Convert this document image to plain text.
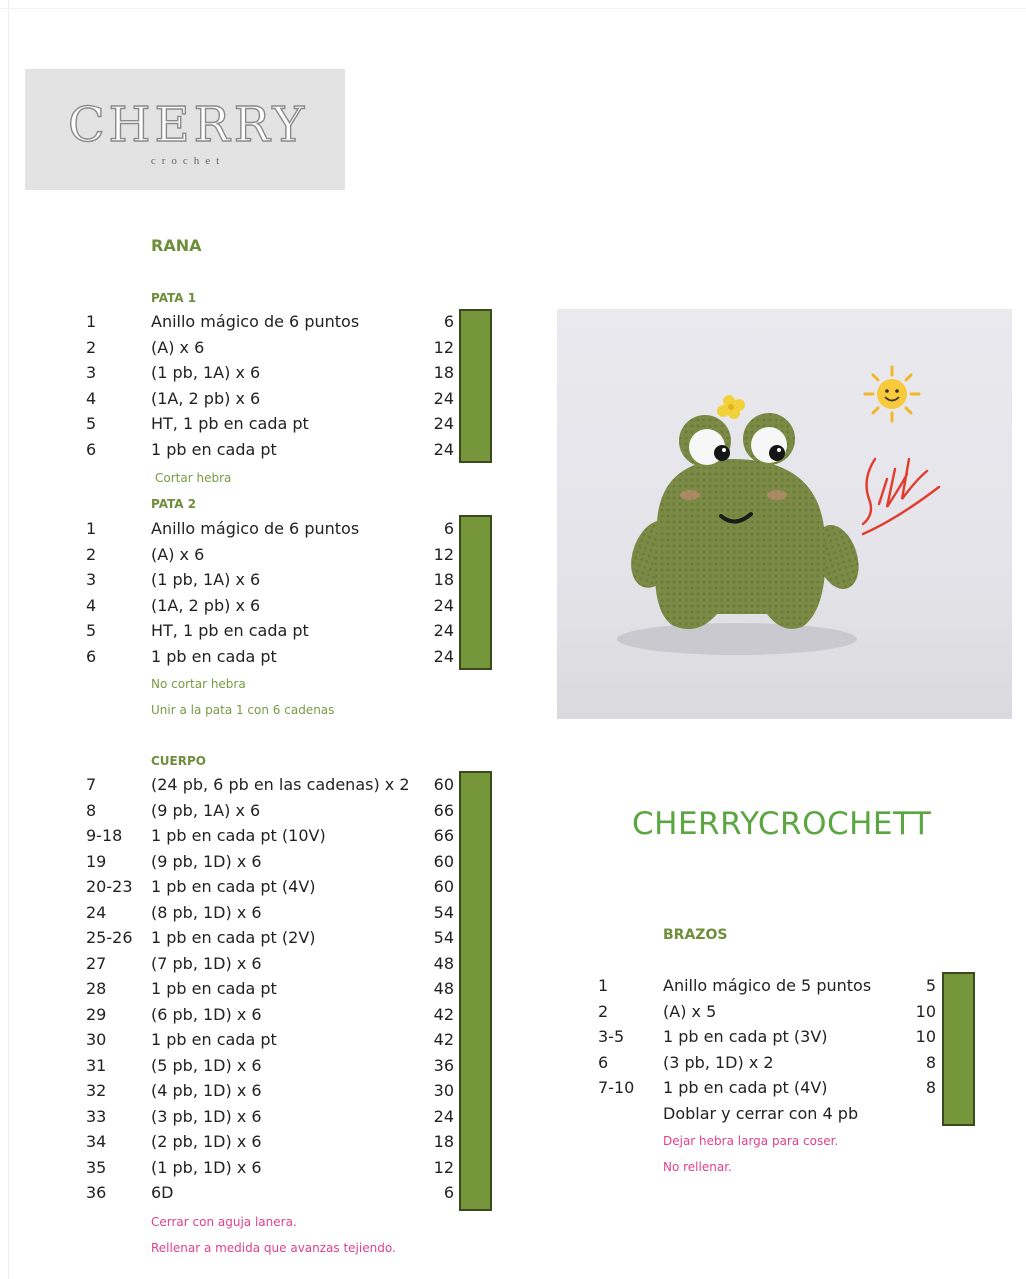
CHERRY
crochet
RANA
PATA 1
1	Anillo mágico de 6 puntos	6
2	(A) x 6	12
3	(1 pb, 1A) x 6	18
4	(1A, 2 pb) x 6	24
5	HT, 1 pb en cada pt	24
6	1 pb en cada pt	24
Cortar hebra
PATA 2
1	Anillo mágico de 6 puntos	6
2	(A) x 6	12
3	(1 pb, 1A) x 6	18
4	(1A, 2 pb) x 6	24
5	HT, 1 pb en cada pt	24
6	1 pb en cada pt	24
No cortar hebra
Unir a la pata 1 con 6 cadenas
CUERPO
7	(24 pb, 6 pb en las cadenas) x 2	60
8	(9 pb, 1A) x 6	66
9-18 1 pb en cada pt (10V)	66
19	(9 pb, 1D) x 6	60
20-23 1 pb en cada pt (4V)	60
24	(8 pb, 1D) x 6	54
25-26 1 pb en cada pt (2V)	54
27	(7 pb, 1D) x 6	48
28	1 pb en cada pt	48
29	(6 pb, 1D) x 6	42
30	1 pb en cada pt	42
31	(5 pb, 1D) x 6	36
32	(4 pb, 1D) x 6	30
33	(3 pb, 1D) x 6	24
34	(2 pb, 1D) x 6	18
35	(1 pb, 1D) x 6	12
36	6D	6
Cerrar con aguja lanera.
Rellenar a medida que avanzas tejiendo.
CHERRYCROCHETT
BRAZOS
1	Anillo mágico de 5 puntos	5
2	(A) x 5	10
3-5 1 pb en cada pt (3V)	10
6	(3 pb, 1D) x 2	8
7-10 1 pb en cada pt (4V)	8
Doblar y cerrar con 4 pb
Dejar hebra larga para coser.
No rellenar.
